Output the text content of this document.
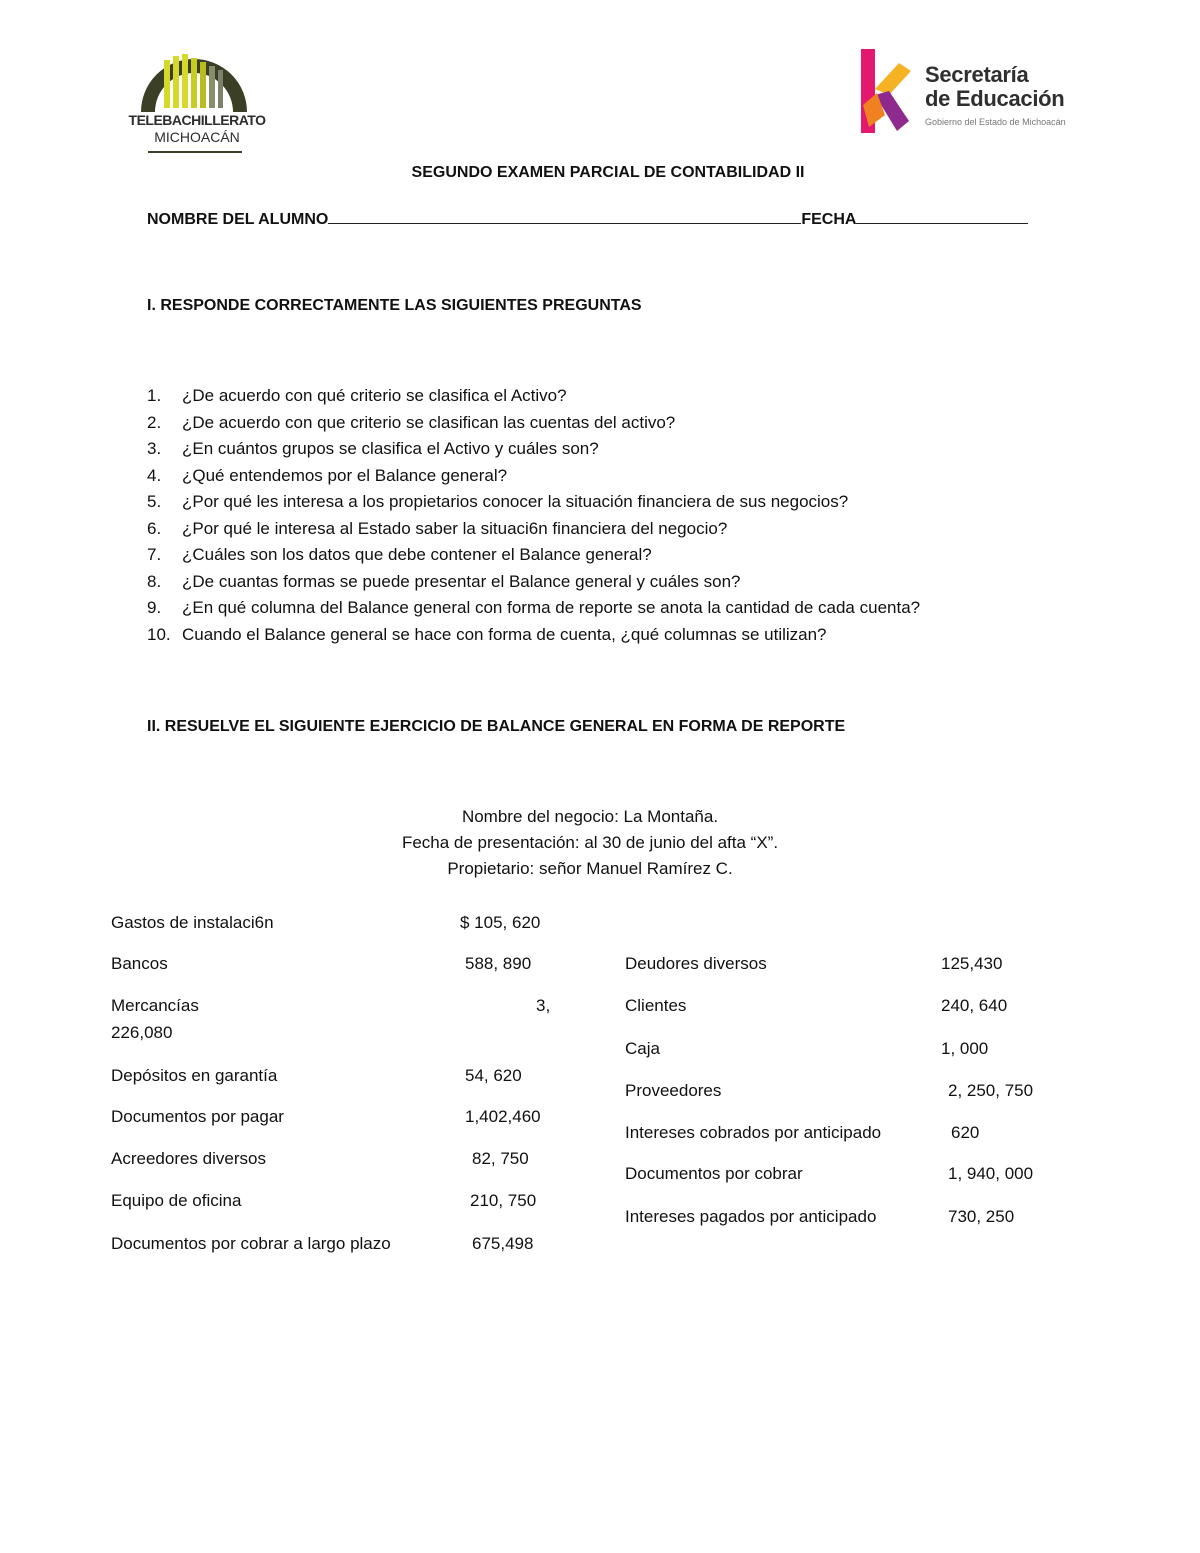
TELEBACHILLERATO
MICHOACÁN
Secretaría
de Educación
Gobierno del Estado de Michoacán
SEGUNDO EXAMEN PARCIAL DE CONTABILIDAD II
NOMBRE DEL ALUMNO	FECHA
I. RESPONDE CORRECTAMENTE LAS SIGUIENTES PREGUNTAS
1. ¿De acuerdo con qué criterio se clasifica el Activo?
2. ¿De acuerdo con que criterio se clasifican las cuentas del activo?
3. ¿En cuántos grupos se clasifica el Activo y cuáles son?
4. ¿Qué entendemos por el Balance general?
5. ¿Por qué les interesa a los propietarios conocer la situación financiera de sus negocios?
6. ¿Por qué le interesa al Estado saber la situaci6n financiera del negocio?
7. ¿Cuáles son los datos que debe contener el Balance general?
8. ¿De cuantas formas se puede presentar el Balance general y cuáles son?
9. ¿En qué columna del Balance general con forma de reporte se anota la cantidad de cada cuenta?
10. Cuando el Balance general se hace con forma de cuenta, ¿qué columnas se utilizan?
II. RESUELVE EL SIGUIENTE EJERCICIO DE BALANCE GENERAL EN FORMA DE REPORTE
Nombre del negocio: La Montaña.
Fecha de presentación: al 30 de junio del afta “X”.
Propietario: señor Manuel Ramírez C.
Gastos de instalaci6n	$ 105, 620
Bancos	588, 890
Mercancías	3,
226,080
Depósitos en garantía	54, 620
Documentos por pagar	1,402,460
Acreedores diversos	82, 750
Equipo de oficina	210, 750
Documentos por cobrar a largo plazo	675,498
Deudores diversos	125,430
Clientes	240, 640
Caja	1, 000
Proveedores	2, 250, 750
Intereses cobrados por anticipado	620
Documentos por cobrar	1, 940, 000
Intereses pagados por anticipado	730, 250
